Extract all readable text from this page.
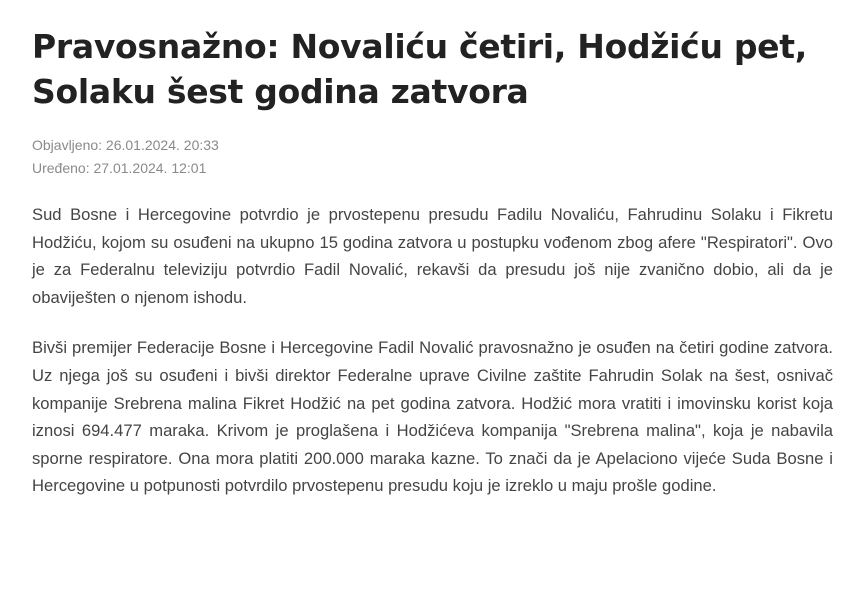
Pravosnažno: Novaliću četiri, Hodžiću pet, Solaku šest godina zatvora
Objavljeno: 26.01.2024. 20:33
Uređeno: 27.01.2024. 12:01

Sud Bosne i Hercegovine potvrdio je prvostepenu presudu Fadilu Novaliću, Fahrudinu Solaku i Fikretu Hodžiću, kojom su osuđeni na ukupno 15 godina zatvora u postupku vođenom zbog afere "Respiratori". Ovo je za Federalnu televiziju potvrdio Fadil Novalić, rekavši da presudu još nije zvanično dobio, ali da je obaviješten o njenom ishodu.

Bivši premijer Federacije Bosne i Hercegovine Fadil Novalić pravosnažno je osuđen na četiri godine zatvora. Uz njega još su osuđeni i bivši direktor Federalne uprave Civilne zaštite Fahrudin Solak na šest, osnivač kompanije Srebrena malina Fikret Hodžić na pet godina zatvora. Hodžić mora vratiti i imovinsku korist koja iznosi 694.477 maraka. Krivom je proglašena i Hodžićeva kompanija "Srebrena malina", koja je nabavila sporne respiratore. Ona mora platiti 200.000 maraka kazne. To znači da je Apelaciono vijeće Suda Bosne i Hercegovine u potpunosti potvrdilo prvostepenu presudu koju je izreklo u maju prošle godine.
